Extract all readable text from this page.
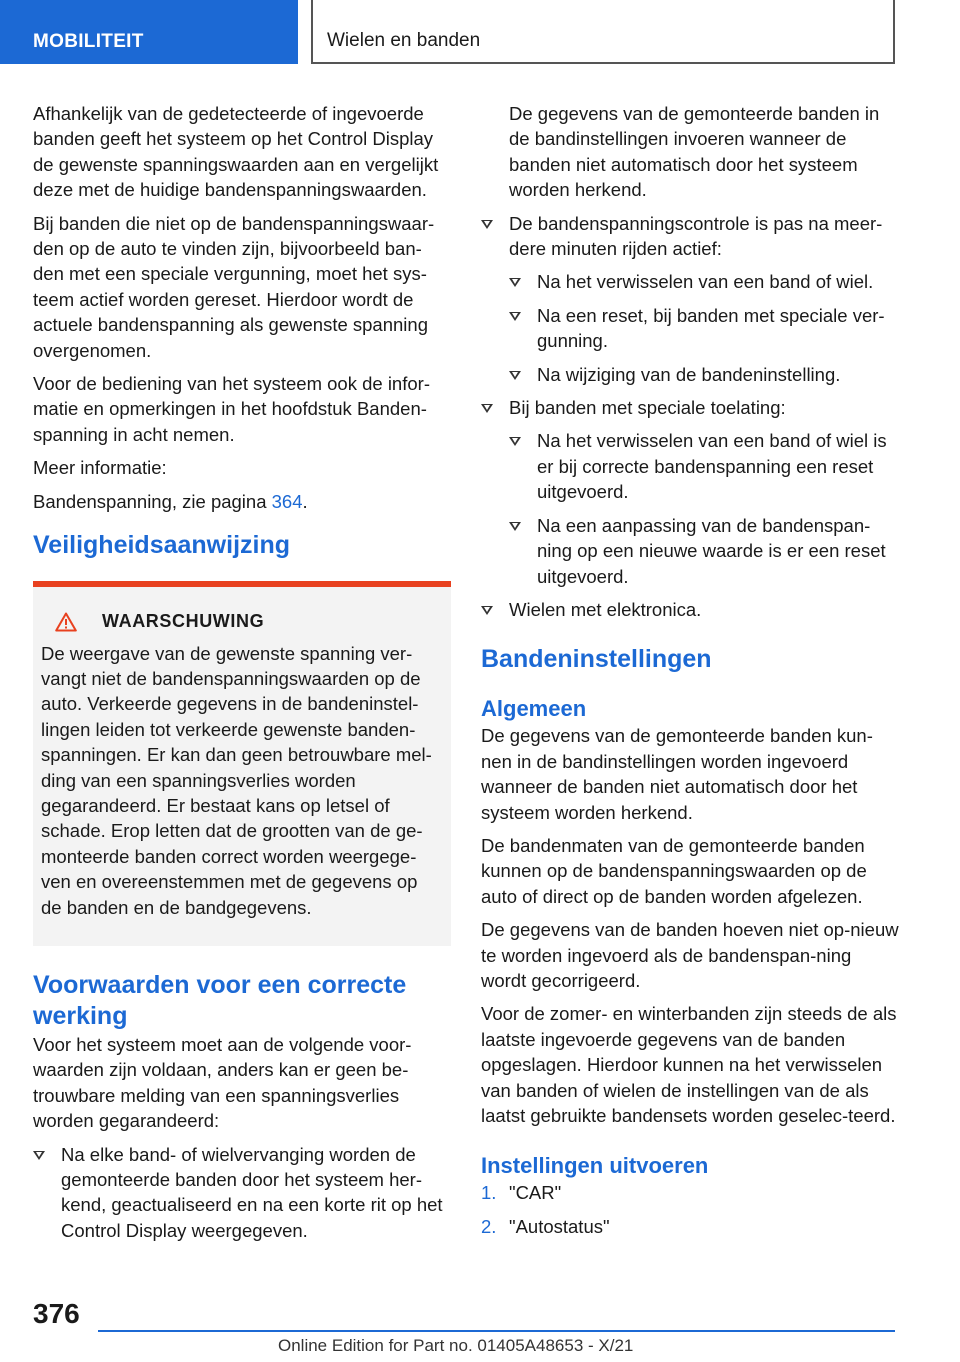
MOBILITEIT	Wielen en banden

Afhankelijk van de gedetecteerde of ingevoerde banden geeft het systeem op het Control Display de gewenste spanningswaarden aan en vergelijkt deze met de huidige bandenspanningswaarden.

Bij banden die niet op de bandenspanningswaar-den op de auto te vinden zijn, bijvoorbeeld ban-den met een speciale vergunning, moet het sys-teem actief worden gereset. Hierdoor wordt de actuele bandenspanning als gewenste spanning overgenomen.

Voor de bediening van het systeem ook de infor-matie en opmerkingen in het hoofdstuk Banden-spanning in acht nemen.

Meer informatie:

Bandenspanning, zie pagina 364.

Veiligheidsaanwijzing
WAARSCHUWING
De weergave van de gewenste spanning ver-vangt niet de bandenspanningswaarden op de auto. Verkeerde gegevens in de bandeninstel-lingen leiden tot verkeerde gewenste banden-spanningen. Er kan dan geen betrouwbare mel-ding van een spanningsverlies worden gegarandeerd. Er bestaat kans op letsel of schade. Erop letten dat de grootten van de ge-monteerde banden correct worden weergege-ven en overeenstemmen met de gegevens op de banden en de bandgegevens.
Voorwaarden voor een correcte werking

Voor het systeem moet aan de volgende voor-waarden zijn voldaan, anders kan er geen be-trouwbare melding van een spanningsverlies worden gegarandeerd:

Na elke band- of wielvervanging worden de gemonteerde banden door het systeem her-kend, geactualiseerd en na een korte rit op het Control Display weergegeven.

De gegevens van de gemonteerde banden in de bandinstellingen invoeren wanneer de banden niet automatisch door het systeem worden herkend.

De bandenspanningscontrole is pas na meer-dere minuten rijden actief:
Na het verwisselen van een band of wiel.
Na een reset, bij banden met speciale ver-gunning.
Na wijziging van de bandeninstelling.
Bij banden met speciale toelating:
Na het verwisselen van een band of wiel is er bij correcte bandenspanning een reset uitgevoerd.
Na een aanpassing van de bandenspan-ning op een nieuwe waarde is er een reset uitgevoerd.
Wielen met elektronica.
Bandeninstellingen
Algemeen

De gegevens van de gemonteerde banden kun-nen in de bandinstellingen worden ingevoerd wanneer de banden niet automatisch door het systeem worden herkend.

De bandenmaten van de gemonteerde banden kunnen op de bandenspanningswaarden op de auto of direct op de banden worden afgelezen.

De gegevens van de banden hoeven niet op-nieuw te worden ingevoerd als de bandenspan-ning wordt gecorrigeerd.

Voor de zomer- en winterbanden zijn steeds de als laatste ingevoerde gegevens van de banden opgeslagen. Hierdoor kunnen na het verwisselen van banden of wielen de instellingen van de als laatst gebruikte bandensets worden geselec-teerd.

Instellingen uitvoeren
1. "CAR"
2. "Autostatus"
376
Online Edition for Part no. 01405A48653 - X/21
